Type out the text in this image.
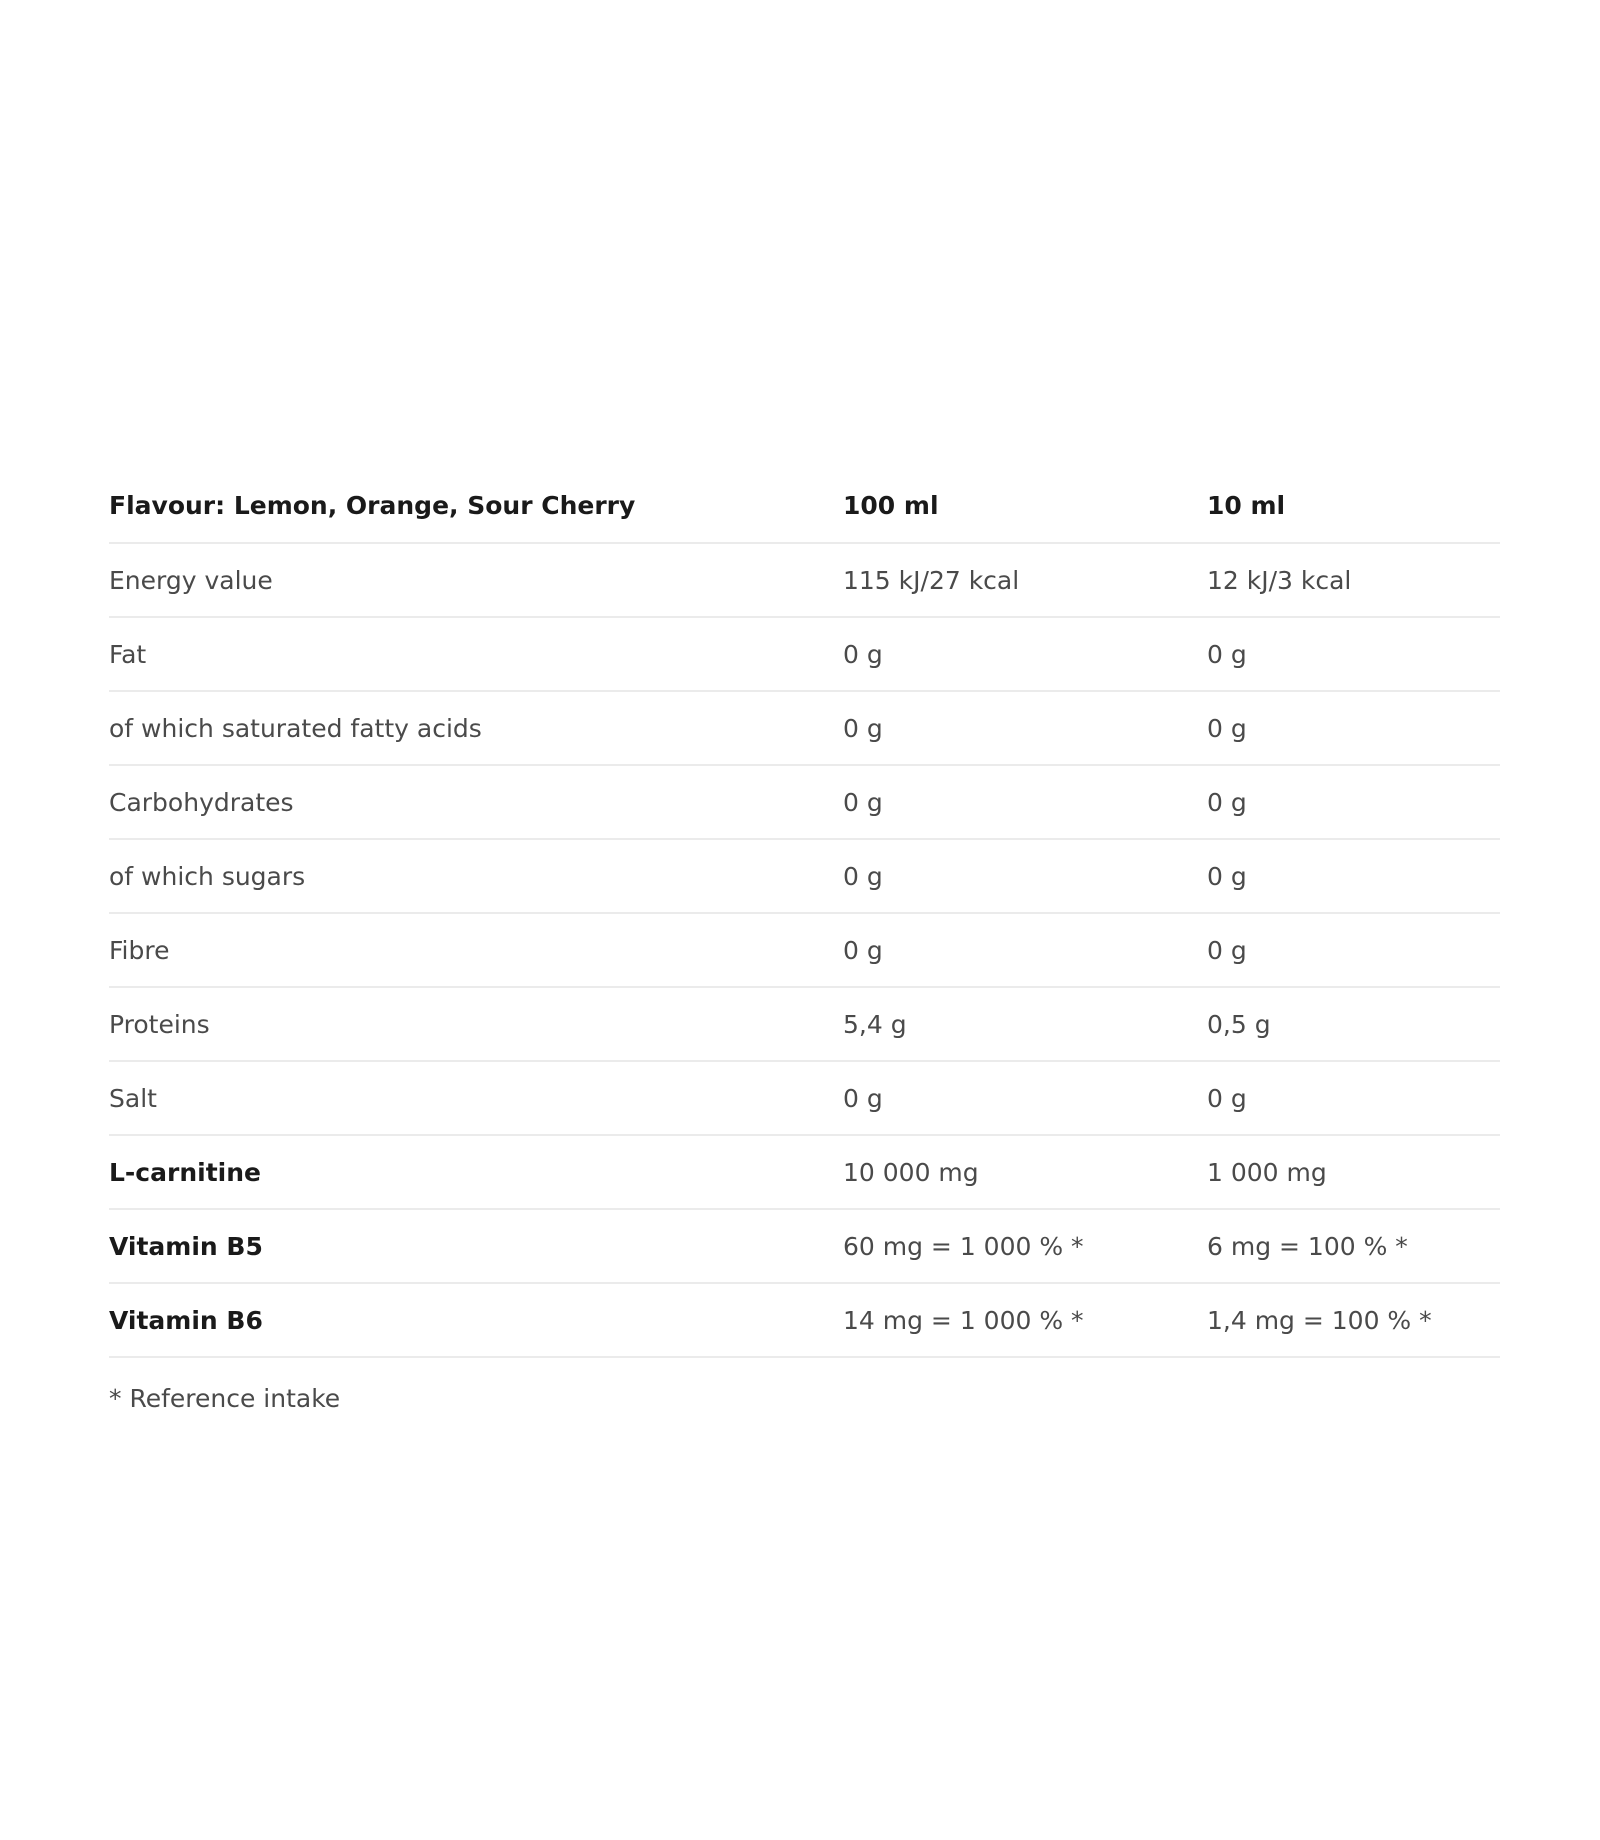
Flavour: Lemon, Orange, Sour Cherry	100 ml	10 ml
Energy value	115 kJ/27 kcal	12 kJ/3 kcal
Fat	0 g	0 g
of which saturated fatty acids	0 g	0 g
Carbohydrates	0 g	0 g
of which sugars	0 g	0 g
Fibre	0 g	0 g
Proteins	5,4 g	0,5 g
Salt	0 g	0 g
L-carnitine	10 000 mg	1 000 mg
Vitamin B5	60 mg = 1 000 % *	6 mg = 100 % *
Vitamin B6	14 mg = 1 000 % *	1,4 mg = 100 % *
* Reference intake
